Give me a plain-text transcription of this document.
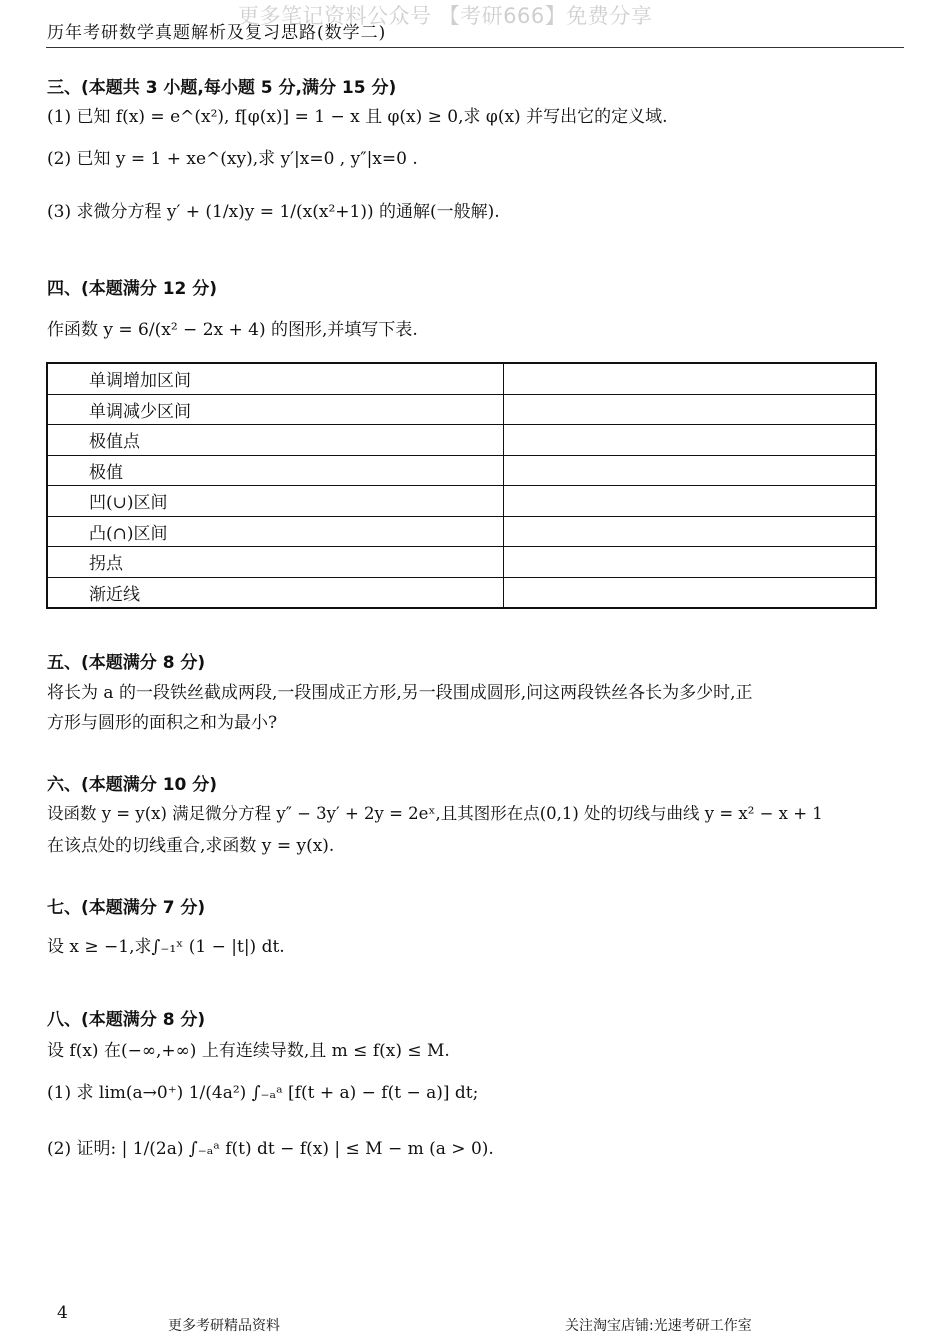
更多笔记资料公众号 【考研666】免费分享
历年考研数学真题解析及复习思路(数学二)
三、(本题共 3 小题,每小题 5 分,满分 15 分)
(1) 已知 f(x) = e^(x²), f[φ(x)] = 1 − x 且 φ(x) ≥ 0,求 φ(x) 并写出它的定义域.
(2) 已知 y = 1 + xe^(xy),求 y′|x=0 , y″|x=0 .
(3) 求微分方程 y′ + (1/x)y = 1/(x(x²+1)) 的通解(一般解).
四、(本题满分 12 分)
作函数 y = 6/(x² − 2x + 4) 的图形,并填写下表.
单调增加区间	
单调减少区间	
极值点	
极值	
凹(∪)区间	
凸(∩)区间	
拐点	
渐近线	
五、(本题满分 8 分)
将长为 a 的一段铁丝截成两段,一段围成正方形,另一段围成圆形,问这两段铁丝各长为多少时,正
方形与圆形的面积之和为最小?
六、(本题满分 10 分)
设函数 y = y(x) 满足微分方程 y″ − 3y′ + 2y = 2eˣ,且其图形在点(0,1) 处的切线与曲线 y = x² − x + 1
在该点处的切线重合,求函数 y = y(x).
七、(本题满分 7 分)
设 x ≥ −1,求∫₋₁ˣ (1 − |t|) dt.
八、(本题满分 8 分)
设 f(x) 在(−∞,+∞) 上有连续导数,且 m ≤ f(x) ≤ M.
(1) 求 lim(a→0⁺) 1/(4a²) ∫₋ₐᵃ [f(t + a) − f(t − a)] dt;
(2) 证明: | 1/(2a) ∫₋ₐᵃ f(t) dt − f(x) | ≤ M − m (a > 0).
4
更多考研精品资料	关注淘宝店铺:光速考研工作室
